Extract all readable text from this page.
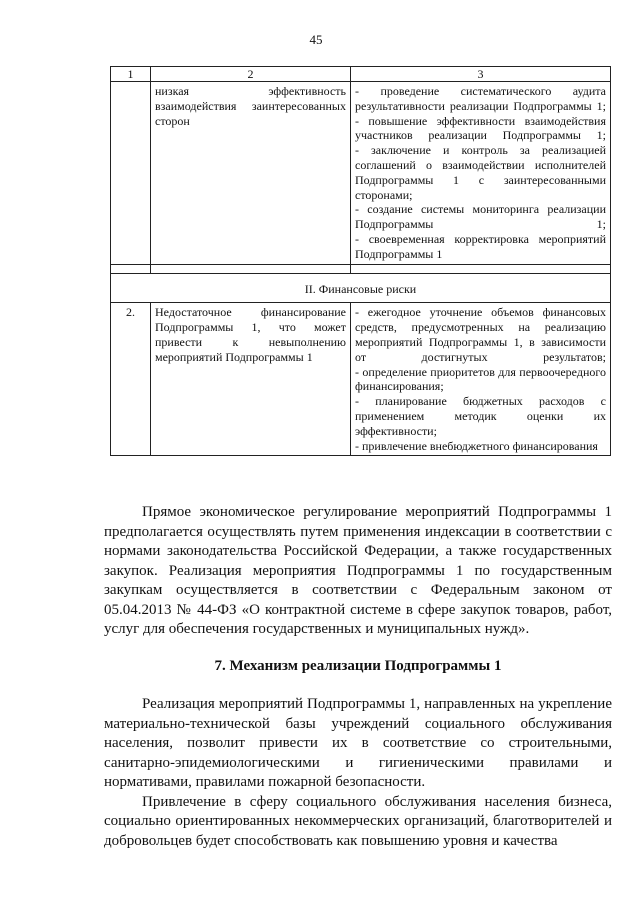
45
1	2	3
	низкая эффективность взаимодействия заинтересованных сторон	- проведение систематического аудита результативности реализации Подпрограммы 1;
- повышение эффективности взаимодействия участников реализации Подпрограммы 1;
- заключение и контроль за реализацией соглашений о взаимодействии исполнителей Подпрограммы 1 с заинтересованными сторонами;
- создание системы мониторинга реализации Подпрограммы 1;
- своевременная корректировка мероприятий Подпрограммы 1

II. Финансовые риски		
2.	Недостаточное финансирование Подпрограммы 1, что может привести к невыполнению мероприятий Подпрограммы 1	- ежегодное уточнение объемов финансовых средств, предусмотренных на реализацию мероприятий Подпрограммы 1, в зависимости от достигнутых результатов;
- определение приоритетов для первоочередного финансирования;
- планирование бюджетных расходов с применением методик оценки их эффективности;
- привлечение внебюджетного финансирования

Прямое экономическое регулирование мероприятий Подпрограммы 1 предполагается осуществлять путем применения индексации в соответствии с нормами законодательства Российской Федерации, а также государственных закупок. Реализация мероприятия Подпрограммы 1 по государственным закупкам осуществляется в соответствии с Федеральным законом от 05.04.2013 № 44-ФЗ «О контрактной системе в сфере закупок товаров, работ, услуг для обеспечения государственных и муниципальных нужд».

7. Механизм реализации Подпрограммы 1

Реализация мероприятий Подпрограммы 1, направленных на укрепление материально-технической базы учреждений социального обслуживания населения, позволит привести их в соответствие со строительными, санитарно-эпидемиологическими и гигиеническими правилами и нормативами, правилами пожарной безопасности.

Привлечение в сферу социального обслуживания населения бизнеса, социально ориентированных некоммерческих организаций, благотворителей и добровольцев будет способствовать как повышению уровня и качества
